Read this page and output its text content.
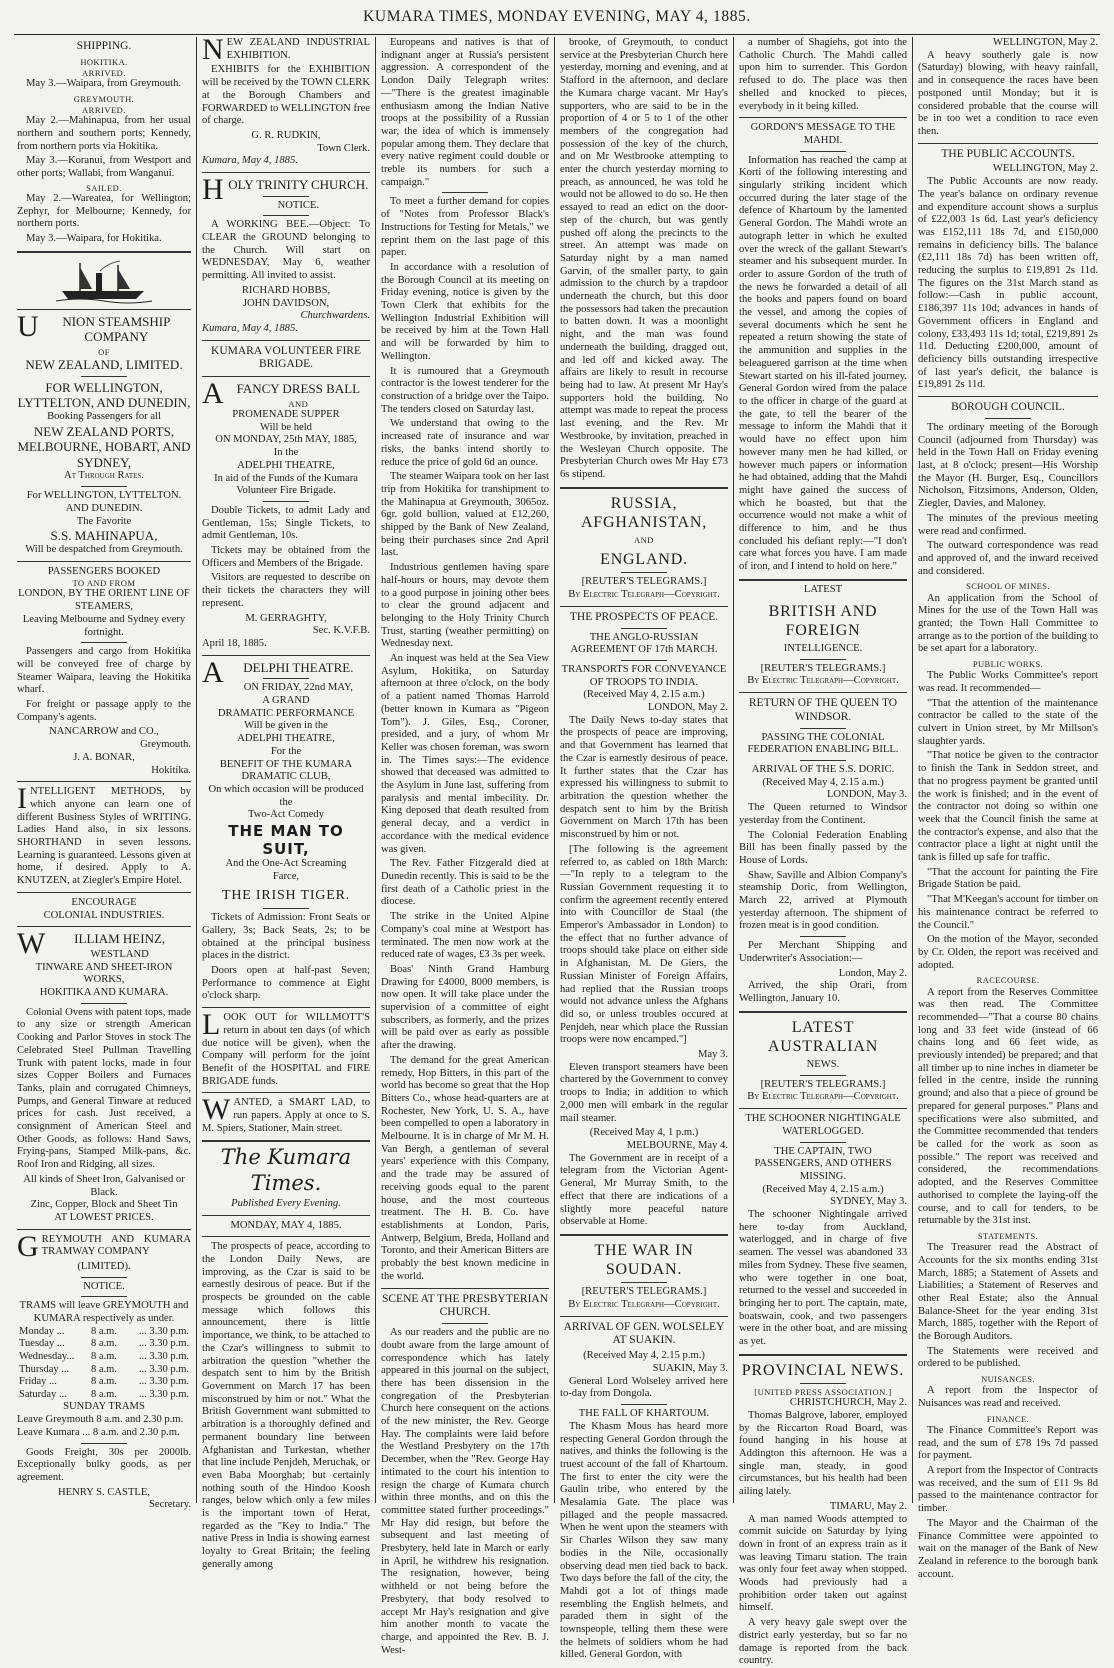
KUMARA TIMES, MONDAY EVENING, MAY 4, 1885.
SHIPPING.
HOKITIKA.
ARRIVED.

May 3.—Waipara, from Greymouth.

GREYMOUTH.
ARRIVED.

May 2.—Mahinapua, from her usual northern and southern ports; Kennedy, from northern ports via Hokitika.

May 3.—Koranui, from Westport and other ports; Wallabi, from Wanganui.

SAILED.

May 2.—Wareatea, for Wellington; Zephyr, for Melbourne; Kennedy, for northern ports.

May 3.—Waipara, for Hokitika.

U NION STEAMSHIP COMPANY

OF
NEW ZEALAND, LIMITED.
FOR WELLINGTON, LYTTELTON, AND DUNEDIN,
Booking Passengers for all
NEW ZEALAND PORTS, MELBOURNE, HOBART, AND SYDNEY,
At Through Rates.
For WELLINGTON, LYTTELTON. AND DUNEDIN.
The Favorite
S.S. MAHINAPUA,
Will be despatched from Greymouth.
PASSENGERS BOOKED
TO AND FROM
LONDON, BY THE ORIENT LINE OF STEAMERS,
Leaving Melbourne and Sydney every fortnight.

Passengers and cargo from Hokitika will be conveyed free of charge by Steamer Waipara, leaving the Hokitika wharf.

For freight or passage apply to the Company's agents.

NANCARROW and CO.,
Greymouth.
J. A. BONAR,
Hokitika.

INTELLIGENT METHODS, by which anyone can learn one of different Business Styles of WRITING. Ladies Hand also, in six lessons. SHORTHAND in seven lessons. Learning is guaranteed. Lessons given at home, if desired. Apply to A. KNUTZEN, at Ziegler's Empire Hotel.

ENCOURAGE
COLONIAL INDUSTRIES.

W ILLIAM HEINZ,

WESTLAND
TINWARE AND SHEET-IRON WORKS,
HOKITIKA AND KUMARA.

Colonial Ovens with patent tops, made to any size or strength American Cooking and Parlor Stoves in stock The Celebrated Steel Pullman Travelling Trunk with patent locks, made in four sizes Copper Boilers and Furnaces Tanks, plain and corrugated Chimneys, Pumps, and General Tinware at reduced prices for cash. Just received, a consignment of American Steel and Other Goods, as follows: Hand Saws, Frying-pans, Stamped Milk-pans, &c. Roof Iron and Ridging, all sizes.

All kinds of Sheet Iron, Galvanised or Black.
Zinc, Copper, Block and Sheet Tin
AT LOWEST PRICES.

GREYMOUTH AND KUMARA TRAMWAY COMPANY

(LIMITED).
NOTICE.
TRAMS will leave GREYMOUTH and KUMARA respectively as under.
Monday ...	8 a.m.	... 3.30 p.m.
Tuesday ...	8 a.m.	... 3.30 p.m.
Wednesday...	8 a.m.	... 3.30 p.m.
Thursday ...	8 a.m.	... 3.30 p.m.
Friday ...	8 a.m.	... 3.30 p.m.
Saturday ...	8 a.m.	... 3.30 p.m.
SUNDAY TRAMS
Leave Greymouth 8 a.m. and 2.30 p.m.
Leave Kumara ... 8 a.m. and 2.30 p.m.

Goods Freight, 30s per 2000lb. Exceptionally bulky goods, as per agreement.

HENRY S. CASTLE,
Secretary.

NEW ZEALAND INDUSTRIAL EXHIBITION.

EXHIBITS for the EXHIBITION will be received by the TOWN CLERK at the Borough Chambers and FORWARDED to WELLINGTON free of charge.

G. R. RUDKIN,
Town Clerk.
Kumara, May 4, 1885.

HOLY TRINITY CHURCH.

NOTICE.

A WORKING BEE.—Object: To CLEAR the GROUND belonging to the Church. Will start on WEDNESDAY, May 6, weather permitting. All invited to assist.

RICHARD HOBBS,
JOHN DAVIDSON,
Churchwardens.
Kumara, May 4, 1885.
KUMARA VOLUNTEER FIRE BRIGADE.

AFANCY DRESS BALL

AND
PROMENADE SUPPER
Will be held
ON MONDAY, 25th MAY, 1885,
In the
ADELPHI THEATRE,

In aid of the Funds of the Kumara Volunteer Fire Brigade.

Double Tickets, to admit Lady and Gentleman, 15s; Single Tickets, to admit Gentleman, 10s.

Tickets may be obtained from the Officers and Members of the Brigade.

Visitors are requested to describe on their tickets the characters they will represent.

M. GERRAGHTY,
Sec. K.V.F.B.
April 18, 1885.

A DELPHI THEATRE.

ON FRIDAY, 22nd MAY,
A GRAND
DRAMATIC PERFORMANCE
Will be given in the
ADELPHI THEATRE,
For the
BENEFIT OF THE KUMARA DRAMATIC CLUB,
On which occasion will be produced the
Two-Act Comedy
THE MAN TO SUIT,
And the One-Act Screaming
Farce,
THE IRISH TIGER.

Tickets of Admission: Front Seats or Gallery, 3s; Back Seats, 2s; to be obtained at the principal business places in the district.

Doors open at half-past Seven; Performance to commence at Eight o'clock sharp.

LOOK OUT for WILLMOTT'S return in about ten days (of which due notice will be given), when the Company will perform for the joint Benefit of the HOSPITAL and FIRE BRIGADE funds.

WANTED, a SMART LAD, to run papers. Apply at once to S. M. Spiers, Stationer, Main street.

The Kumara Times.
Published Every Evening.
MONDAY, MAY 4, 1885.

The prospects of peace, according to the London Daily News, are improving, as the Czar is said to be earnestly desirous of peace. But if the prospects be grounded on the cable message which follows this announcement, there is little importance, we think, to be attached to the Czar's willingness to submit to arbitration the question "whether the despatch sent to him by the British Government on March 17 has been misconstrued by him or not." What the British Government want submitted to arbitration is a thoroughly defined and permanent boundary line between Afghanistan and Turkestan, whether that line include Penjdeh, Meruchak, or even Baba Moorghab; but certainly nothing south of the Hindoo Koosh ranges, below which only a few miles is the important town of Herat, regarded as the "Key to India." The native Press in India is showing earnest loyalty to Great Britain; the feeling generally among

Europeans and natives is that of indignant anger at Russia's persistent aggression. A correspondent of the London Daily Telegraph writes:—"There is the greatest imaginable enthusiasm among the Indian Native troops at the possibility of a Russian war, the idea of which is immensely popular among them. They declare that every native regiment could double or treble its numbers for such a campaign."

To meet a further demand for copies of "Notes from Professor Black's Instructions for Testing for Metals," we reprint them on the last page of this paper.

In accordance with a resolution of the Borough Council at its meeting on Friday evening, notice is given by the Town Clerk that exhibits for the Wellington Industrial Exhibition will be received by him at the Town Hall and will be forwarded by him to Wellington.

It is rumoured that a Greymouth contractor is the lowest tenderer for the construction of a bridge over the Taipo. The tenders closed on Saturday last.

We understand that owing to the increased rate of insurance and war risks, the banks intend shortly to reduce the price of gold 6d an ounce.

The steamer Waipara took on her last trip from Hokitika for transhipment to the Mahinapua at Greymouth, 3065oz. 6gr. gold bullion, valued at £12,260, shipped by the Bank of New Zealand, being their purchases since 2nd April last.

Industrious gentlemen having spare half-hours or hours, may devote them to a good purpose in joining other bees to clear the ground adjacent and belonging to the Holy Trinity Church Trust, starting (weather permitting) on Wednesday next.

An inquest was held at the Sea View Asylum, Hokitika, on Saturday afternoon at three o'clock, on the body of a patient named Thomas Harrold (better known in Kumara as "Pigeon Tom"). J. Giles, Esq., Coroner, presided, and a jury, of whom Mr Keller was chosen foreman, was sworn in. The Times says:—The evidence showed that deceased was admitted to the Asylum in June last, suffering from paralysis and mental imbecility. Dr. King deposed that death resulted from general decay, and a verdict in accordance with the medical evidence was given.

The Rev. Father Fitzgerald died at Dunedin recently. This is said to be the first death of a Catholic priest in the diocese.

The strike in the United Alpine Company's coal mine at Westport has terminated. The men now work at the reduced rate of wages, £3 3s per week.

Boas' Ninth Grand Hamburg Drawing for £4000, 8000 members, is now open. It will take place under the supervision of a committee of eight subscribers, as formerly, and the prizes will be paid over as early as possible after the drawing.

The demand for the great American remedy, Hop Bitters, in this part of the world has become so great that the Hop Bitters Co., whose head-quarters are at Rochester, New York, U. S. A., have been compelled to open a laboratory in Melbourne. It is in charge of Mr M. H. Van Bergh, a gentleman of several years' experience with this Company, and the trade may be assured of receiving goods equal to the parent house, and the most courteous treatment. The H. B. Co. have establishments at London, Paris, Antwerp, Belgium, Breda, Holland and Toronto, and their American Bitters are probably the best known medicine in the world.

SCENE AT THE PRESBYTERIAN CHURCH.

As our readers and the public are no doubt aware from the large amount of correspondence which has lately appeared in this journal on the subject, there has been dissension in the congregation of the Presbyterian Church here consequent on the actions of the new minister, the Rev. George Hay. The complaints were laid before the Westland Presbytery on the 17th December, when the "Rev. George Hay intimated to the court his intention to resign the charge of Kumara church within three months, and on this the committee stated further proceedings." Mr Hay did resign, but before the subsequent and last meeting of Presbytery, held late in March or early in April, he withdrew his resignation. The resignation, however, being withheld or not being before the Presbytery, that body resolved to accept Mr Hay's resignation and give him another month to vacate the charge, and appointed the Rev. B. J. West-

brooke, of Greymouth, to conduct service at the Presbyterian Church here yesterday, morning and evening, and at Stafford in the afternoon, and declare the Kumara charge vacant. Mr Hay's supporters, who are said to be in the proportion of 4 or 5 to 1 of the other members of the congregation had possession of the key of the church, and on Mr Westbrooke attempting to enter the church yesterday morning to preach, as announced, he was told he would not be allowed to do so. He then essayed to read an edict on the door-step of the church, but was gently pushed off along the precincts to the street. An attempt was made on Saturday night by a man named Garvin, of the smaller party, to gain admission to the church by a trapdoor underneath the church, but this door the possessors had taken the precaution to batten down. It was a moonlight night, and the man was found underneath the building, dragged out, and led off and kicked away. The affairs are likely to result in recourse being had to law. At present Mr Hay's supporters hold the building. No attempt was made to repeat the process last evening, and the Rev. Mr Westbrooke, by invitation, preached in the Wesleyan Church opposite. The Presbyterian Church owes Mr Hay £73 6s stipend.

RUSSIA, AFGHANISTAN,
AND
ENGLAND.
[REUTER'S TELEGRAMS.]
By Electric Telegraph—Copyright.
THE PROSPECTS OF PEACE.
THE ANGLO-RUSSIAN AGREEMENT OF 17th MARCH.
TRANSPORTS FOR CONVEYANCE OF TROOPS TO INDIA.
(Received May 4, 2.15 a.m.)
LONDON, May 2.

The Daily News to-day states that the prospects of peace are improving, and that Government has learned that the Czar is earnestly desirous of peace. It further states that the Czar has expressed his willingness to submit to arbitration the question whether the despatch sent to him by the British Government on March 17th has been misconstrued by him or not.

[The following is the agreement referred to, as cabled on 18th March:—"In reply to a telegram to the Russian Government requesting it to confirm the agreement recently entered into with Councillor de Staal (the Emperor's Ambassador in London) to the effect that no further advance of troops should take place on either side in Afghanistan, M. De Giers, the Russian Minister of Foreign Affairs, had replied that the Russian troops would not advance unless the Afghans did so, or unless troubles occured at Penjdeh, near which place the Russian troops were now encamped."]

May 3.

Eleven transport steamers have been chartered by the Government to convey troops to India; in addition to which 2,000 men will embark in the regular mail steamer.

(Received May 4, 1 p.m.)
MELBOURNE, May 4.

The Government are in receipt of a telegram from the Victorian Agent-General, Mr Murray Smith, to the effect that there are indications of a slightly more peaceful nature observable at Home.

THE WAR IN SOUDAN.
[REUTER'S TELEGRAMS.]
By Electric Telegraph—Copyright.
ARRIVAL OF GEN. WOLSELEY AT SUAKIN.
(Received May 4, 2.15 p.m.)
SUAKIN, May 3.

General Lord Wolseley arrived here to-day from Dongola.

THE FALL OF KHARTOUM.

The Khasm Mous has heard more respecting General Gordon through the natives, and thinks the following is the truest account of the fall of Khartoum. The first to enter the city were the Gaulin tribe, who entered by the Mesalamia Gate. The place was pillaged and the people massacred. When he went upon the steamers with Sir Charles Wilson they saw many bodies in the Nile, occasionally observing dead men tied back to back. Two days before the fall of the city, the Mahdi got a lot of things made resembling the English helmets, and paraded them in sight of the townspeople, telling them these were the helmets of soldiers whom he had killed. General Gordon, with

a number of Shagiehs, got into the Catholic Church. The Mahdi called upon him to surrender. This Gordon refused to do. The place was then shelled and knocked to pieces, everybody in it being killed.

GORDON'S MESSAGE TO THE MAHDI.

Information has reached the camp at Korti of the following interesting and singularly striking incident which occurred during the later stage of the defence of Khartoum by the lamented General Gordon. The Mahdi wrote an autograph letter in which he exulted over the wreck of the gallant Stewart's steamer and his subsequent murder. In order to assure Gordon of the truth of the news he forwarded a detail of all the books and papers found on board the vessel, and among the copies of several documents which he sent he repeated a return showing the state of the ammunition and supplies in the beleaguered garrison at the time when Stewart started on his ill-fated journey. General Gordon wired from the palace to the officer in charge of the guard at the gate, to tell the bearer of the message to inform the Mahdi that it would have no effect upon him however many men he had killed, or however much papers or information he had obtained, adding that the Mahdi might have gained the success of which he boasted, but that the occurrence would not make a whit of difference to him, and he thus concluded his defiant reply:—"I don't care what forces you have. I am made of iron, and I intend to hold on here."

LATEST
BRITISH AND FOREIGN
INTELLIGENCE.
[REUTER'S TELEGRAMS.]
By Electric Telegraph—Copyright.
RETURN OF THE QUEEN TO WINDSOR.
PASSING THE COLONIAL FEDERATION ENABLING BILL.
ARRIVAL OF THE S.S. DORIC.
(Received May 4, 2.15 a.m.)
LONDON, May 3.

The Queen returned to Windsor yesterday from the Continent.

The Colonial Federation Enabling Bill has been finally passed by the House of Lords.

Shaw, Saville and Albion Company's steamship Doric, from Wellington, March 22, arrived at Plymouth yesterday afternoon. The shipment of frozen meat is in good condition.

Per Merchant Shipping and Underwriter's Association:—

London, May 2.

Arrived, the ship Orari, from Wellington, January 10.

LATEST AUSTRALIAN
NEWS.
[REUTER'S TELEGRAMS.]
By Electric Telegraph—Copyright.
THE SCHOONER NIGHTINGALE WATERLOGGED.
THE CAPTAIN, TWO PASSENGERS, AND OTHERS MISSING.
(Received May 4, 2.15 a.m.)
SYDNEY, May 3.

The schooner Nightingale arrived here to-day from Auckland, waterlogged, and in charge of five seamen. The vessel was abandoned 33 miles from Sydney. These five seamen, who were together in one boat, returned to the vessel and succeeded in bringing her to port. The captain, mate, boatswain, cook, and two passengers were in the other boat, and are missing as yet.

PROVINCIAL NEWS.
[UNITED PRESS ASSOCIATION.]
CHRISTCHURCH, May 2.

Thomas Balgrove, laborer, employed by the Riccarton Road Board, was found hanging in his house at Addington this afternoon. He was a single man, steady, in good circumstances, but his health had been ailing lately.

TIMARU, May 2.

A man named Woods attempted to commit suicide on Saturday by lying down in front of an express train as it was leaving Timaru station. The train was only four feet away when stopped. Woods had previously had a prohibition order taken out against himself.

A very heavy gale swept over the district early yesterday, but so far no damage is reported from the back country.

WELLINGTON, May 2.

A heavy southerly gale is now (Saturday) blowing, with heavy rainfall, and in consequence the races have been postponed until Monday; but it is considered probable that the course will be in too wet a condition to race even then.

THE PUBLIC ACCOUNTS.
WELLINGTON, May 2.

The Public Accounts are now ready. The year's balance on ordinary revenue and expenditure account shows a surplus of £22,003 1s 6d. Last year's deficiency was £152,111 18s 7d, and £150,000 remains in deficiency bills. The balance (£2,111 18s 7d) has been written off, reducing the surplus to £19,891 2s 11d. The figures on the 31st March stand as follow:—Cash in public account, £186,397 11s 10d; advances in hands of Government officers in England and colony, £33,493 11s 1d; total, £219,891 2s 11d. Deducting £200,000, amount of deficiency bills outstanding irrespective of last year's deficit, the balance is £19,891 2s 11d.

BOROUGH COUNCIL.

The ordinary meeting of the Borough Council (adjourned from Thursday) was held in the Town Hall on Friday evening last, at 8 o'clock; present—His Worship the Mayor (H. Burger, Esq., Councillors Nicholson, Fitzsimons, Anderson, Olden, Ziegler, Davies, and Maloney.

The minutes of the previous meeting were read and confirmed.

The outward correspondence was read and approved of, and the inward received and considered.

SCHOOL OF MINES.

An application from the School of Mines for the use of the Town Hall was granted; the Town Hall Committee to arrange as to the portion of the building to be set apart for a laboratory.

PUBLIC WORKS.

The Public Works Committee's report was read. It recommended—

"That the attention of the maintenance contractor be called to the state of the culvert in Union street, by Mr Millson's slaughter yards.

"That notice be given to the contractor to finish the Tank in Seddon street, and that no progress payment be granted until the work is finished; and in the event of the contractor not doing so within one week that the Council finish the same at the contractor's expense, and also that the contractor place a light at night until the tank is filled up safe for traffic.

"That the account for painting the Fire Brigade Station be paid.

"That M'Keegan's account for timber on his maintenance contract be referred to the Council."

On the motion of the Mayor, seconded by Cr. Olden, the report was received and adopted.

RACECOURSE.

A report from the Reserves Committee was then read. The Committee recommended—"That a course 80 chains long and 33 feet wide (instead of 66 chains long and 66 feet wide, as previously intended) be prepared; and that all timber up to nine inches in diameter be felled in the centre, inside the running ground; and also that a piece of ground be prepared for general purposes." Plans and specifications were also submitted, and the Committee recommended that tenders be called for the work as soon as possible." The report was received and considered, the recommendations adopted, and the Reserves Committee authorised to complete the laying-off the course, and to call for tenders, to be returnable by the 31st inst.

STATEMENTS.

The Treasurer read the Abstract of Accounts for the six months ending 31st March, 1885; a Statement of Assets and Liabilities; a Statement of Reserves and other Real Estate; also the Annual Balance-Sheet for the year ending 31st March, 1885, together with the Report of the Borough Auditors.

The Statements were received and ordered to be published.

NUISANCES.

A report from the Inspector of Nuisances was read and received.

FINANCE.

The Finance Committee's Report was read, and the sum of £78 19s 7d passed for payment.

A report from the Inspector of Contracts was received, and the sum of £11 9s 8d passed to the maintenance contractor for timber.

The Mayor and the Chairman of the Finance Committee were appointed to wait on the manager of the Bank of New Zealand in reference to the borough bank account.
